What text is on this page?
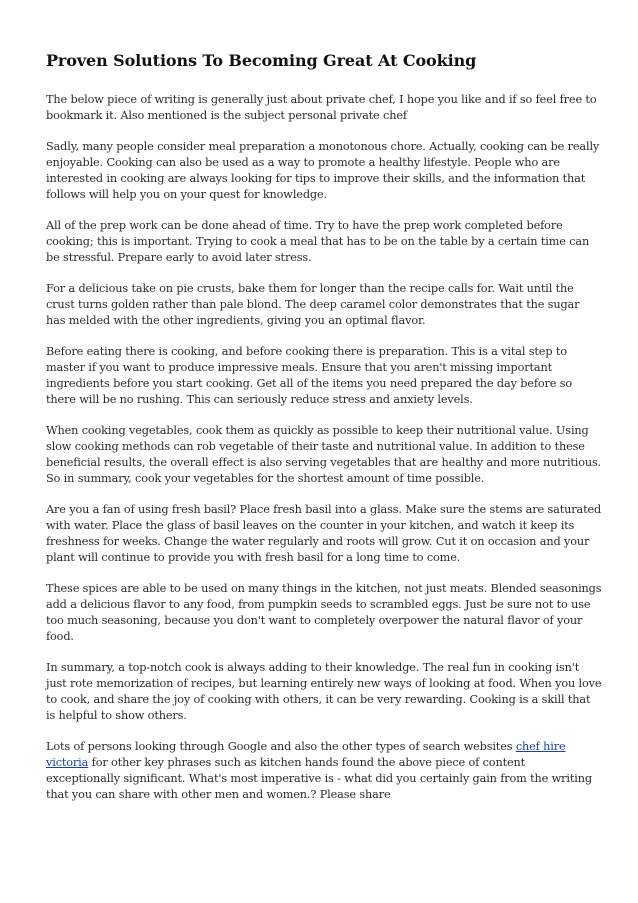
Proven Solutions To Becoming Great At Cooking

The below piece of writing is generally just about private chef, I hope you like and if so feel free to bookmark it. Also mentioned is the subject personal private chef

Sadly, many people consider meal preparation a monotonous chore. Actually, cooking can be really enjoyable. Cooking can also be used as a way to promote a healthy lifestyle. People who are interested in cooking are always looking for tips to improve their skills, and the information that follows will help you on your quest for knowledge.

All of the prep work can be done ahead of time. Try to have the prep work completed before cooking; this is important. Trying to cook a meal that has to be on the table by a certain time can be stressful. Prepare early to avoid later stress.

For a delicious take on pie crusts, bake them for longer than the recipe calls for. Wait until the crust turns golden rather than pale blond. The deep caramel color demonstrates that the sugar has melded with the other ingredients, giving you an optimal flavor.

Before eating there is cooking, and before cooking there is preparation. This is a vital step to master if you want to produce impressive meals. Ensure that you aren't missing important ingredients before you start cooking. Get all of the items you need prepared the day before so there will be no rushing. This can seriously reduce stress and anxiety levels.

When cooking vegetables, cook them as quickly as possible to keep their nutritional value. Using slow cooking methods can rob vegetable of their taste and nutritional value. In addition to these beneficial results, the overall effect is also serving vegetables that are healthy and more nutritious. So in summary, cook your vegetables for the shortest amount of time possible.

Are you a fan of using fresh basil? Place fresh basil into a glass. Make sure the stems are saturated with water. Place the glass of basil leaves on the counter in your kitchen, and watch it keep its freshness for weeks. Change the water regularly and roots will grow. Cut it on occasion and your plant will continue to provide you with fresh basil for a long time to come.

These spices are able to be used on many things in the kitchen, not just meats. Blended seasonings add a delicious flavor to any food, from pumpkin seeds to scrambled eggs. Just be sure not to use too much seasoning, because you don't want to completely overpower the natural flavor of your food.

In summary, a top-notch cook is always adding to their knowledge. The real fun in cooking isn't just rote memorization of recipes, but learning entirely new ways of looking at food. When you love to cook, and share the joy of cooking with others, it can be very rewarding. Cooking is a skill that is helpful to show others.

Lots of persons looking through Google and also the other types of search websites chef hire victoria for other key phrases such as kitchen hands found the above piece of content exceptionally significant. What's most imperative is - what did you certainly gain from the writing that you can share with other men and women.? Please share
